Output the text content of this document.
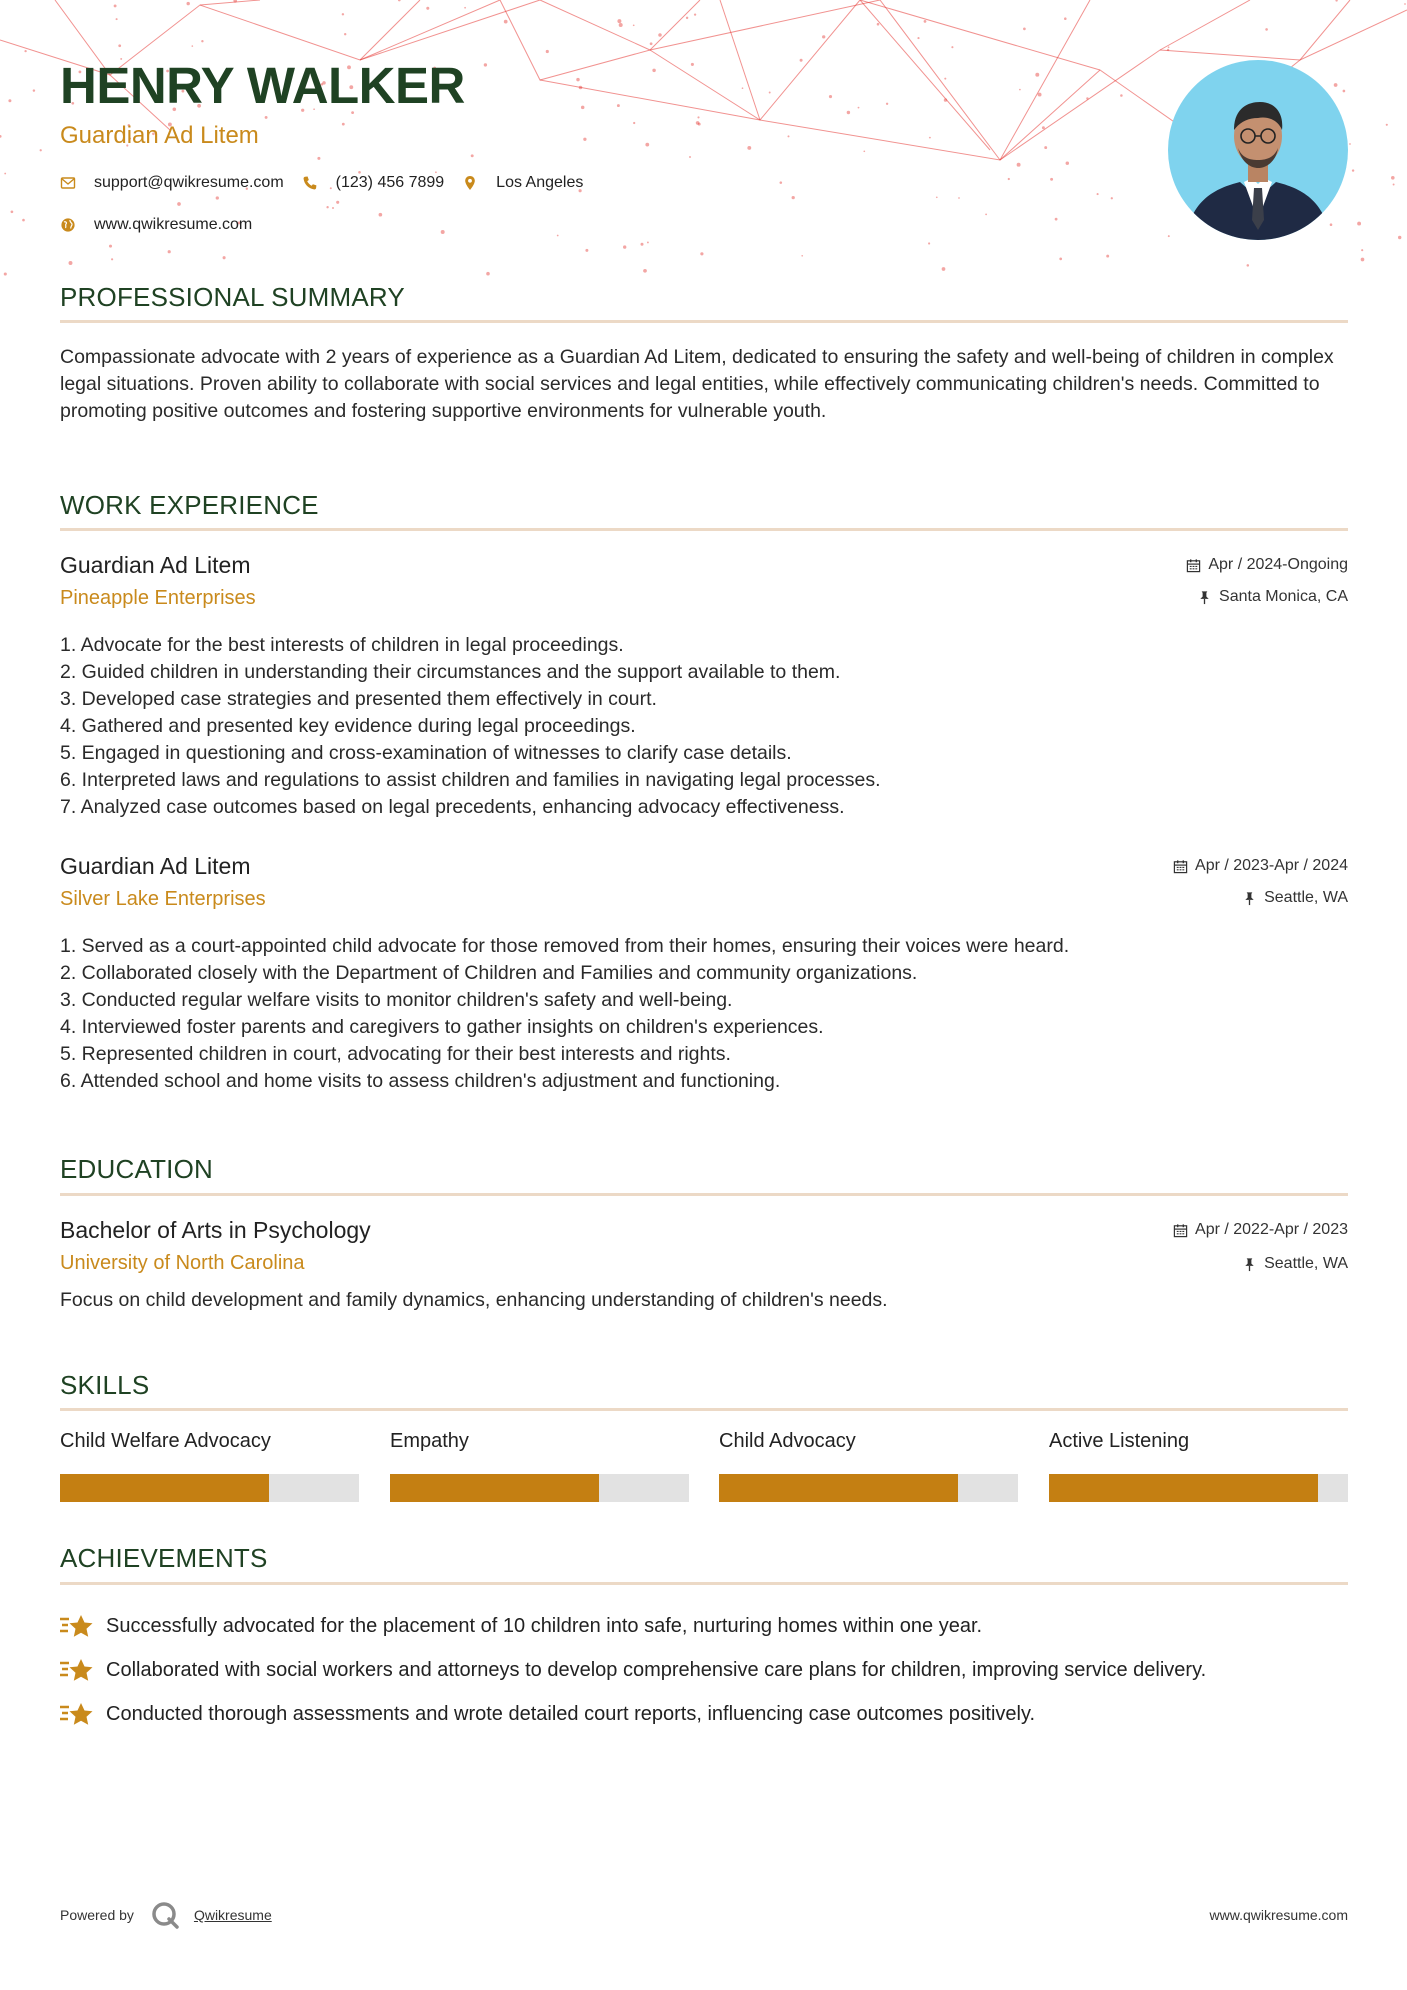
HENRY WALKER
Guardian Ad Litem
support@qwikresume.com	(123) 456 7899	Los Angeles
www.qwikresume.com
PROFESSIONAL SUMMARY

Compassionate advocate with 2 years of experience as a Guardian Ad Litem, dedicated to ensuring the safety and well-being of children in complex legal situations. Proven ability to collaborate with social services and legal entities, while effectively communicating children's needs. Committed to promoting positive outcomes and fostering supportive environments for vulnerable youth.

WORK EXPERIENCE
Guardian Ad Litem
Pineapple Enterprises
Apr / 2024-Ongoing
Santa Monica, CA
1. Advocate for the best interests of children in legal proceedings.
2. Guided children in understanding their circumstances and the support available to them.
3. Developed case strategies and presented them effectively in court.
4. Gathered and presented key evidence during legal proceedings.
5. Engaged in questioning and cross-examination of witnesses to clarify case details.
6. Interpreted laws and regulations to assist children and families in navigating legal processes.
7. Analyzed case outcomes based on legal precedents, enhancing advocacy effectiveness.
Guardian Ad Litem
Silver Lake Enterprises
Apr / 2023-Apr / 2024
Seattle, WA
1. Served as a court-appointed child advocate for those removed from their homes, ensuring their voices were heard.
2. Collaborated closely with the Department of Children and Families and community organizations.
3. Conducted regular welfare visits to monitor children's safety and well-being.
4. Interviewed foster parents and caregivers to gather insights on children's experiences.
5. Represented children in court, advocating for their best interests and rights.
6. Attended school and home visits to assess children's adjustment and functioning.
EDUCATION
Bachelor of Arts in Psychology
University of North Carolina
Apr / 2022-Apr / 2023
Seattle, WA

Focus on child development and family dynamics, enhancing understanding of children's needs.

SKILLS
Child Welfare Advocacy	Empathy	Child Advocacy	Active Listening
ACHIEVEMENTS
Successfully advocated for the placement of 10 children into safe, nurturing homes within one year.
Collaborated with social workers and attorneys to develop comprehensive care plans for children, improving service delivery.
Conducted thorough assessments and wrote detailed court reports, influencing case outcomes positively.
Powered by	Qwikresume	www.qwikresume.com
